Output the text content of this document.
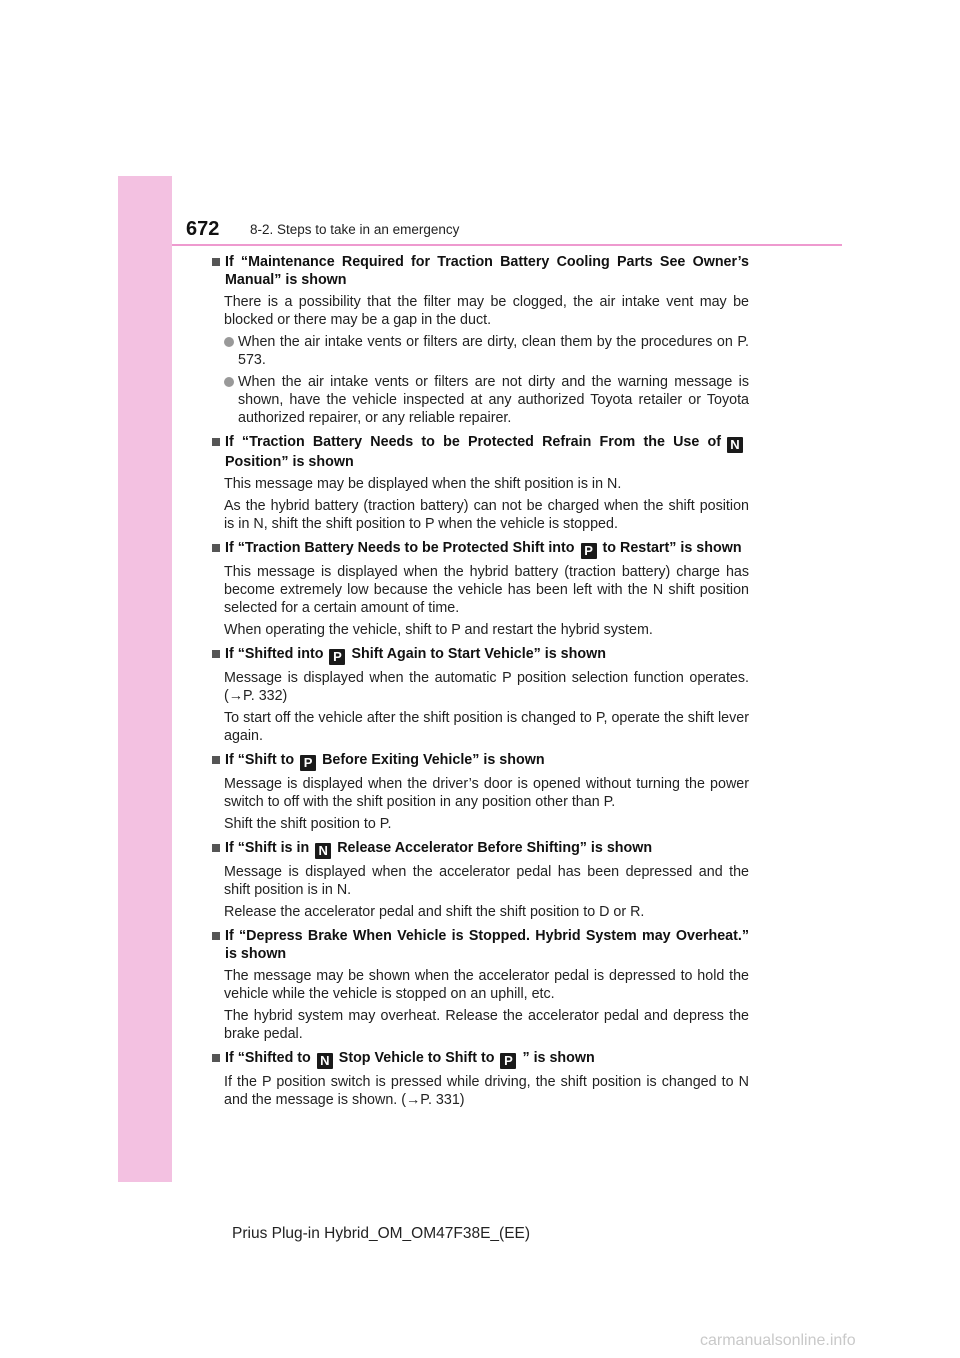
672 8-2. Steps to take in an emergency
If “Maintenance Required for Traction Battery Cooling Parts See Owner’s Manual” is shown
There is a possibility that the filter may be clogged, the air intake vent may be blocked or there may be a gap in the duct.
When the air intake vents or filters are dirty, clean them by the procedures on P. 573.
When the air intake vents or filters are not dirty and the warning message is shown, have the vehicle inspected at any authorized Toyota retailer or Toyota authorized repairer, or any reliable repairer.
If “Traction Battery Needs to be Protected Refrain From the Use of NPosition” is shown
This message may be displayed when the shift position is in N.
As the hybrid battery (traction battery) can not be charged when the shift position is in N, shift the shift position to P when the vehicle is stopped.
If “Traction Battery Needs to be Protected Shift into P to Restart” is shown
This message is displayed when the hybrid battery (traction battery) charge has become extremely low because the vehicle has been left with the N shift position selected for a certain amount of time.
When operating the vehicle, shift to P and restart the hybrid system.
If “Shifted into P Shift Again to Start Vehicle” is shown
Message is displayed when the automatic P position selection function operates. (→P. 332)
To start off the vehicle after the shift position is changed to P, operate the shift lever again.
If “Shift to P Before Exiting Vehicle” is shown
Message is displayed when the driver’s door is opened without turning the power switch to off with the shift position in any position other than P.
Shift the shift position to P.
If “Shift is in N Release Accelerator Before Shifting” is shown
Message is displayed when the accelerator pedal has been depressed and the shift position is in N.
Release the accelerator pedal and shift the shift position to D or R.
If “Depress Brake When Vehicle is Stopped. Hybrid System may Overheat.” is shown
The message may be shown when the accelerator pedal is depressed to hold the vehicle while the vehicle is stopped on an uphill, etc.
The hybrid system may overheat. Release the accelerator pedal and depress the brake pedal.
If “Shifted to N Stop Vehicle to Shift to P ” is shown
If the P position switch is pressed while driving, the shift position is changed to N and the message is shown. (→P. 331)
Prius Plug-in Hybrid_OM_OM47F38E_(EE)
carmanualsonline.info
